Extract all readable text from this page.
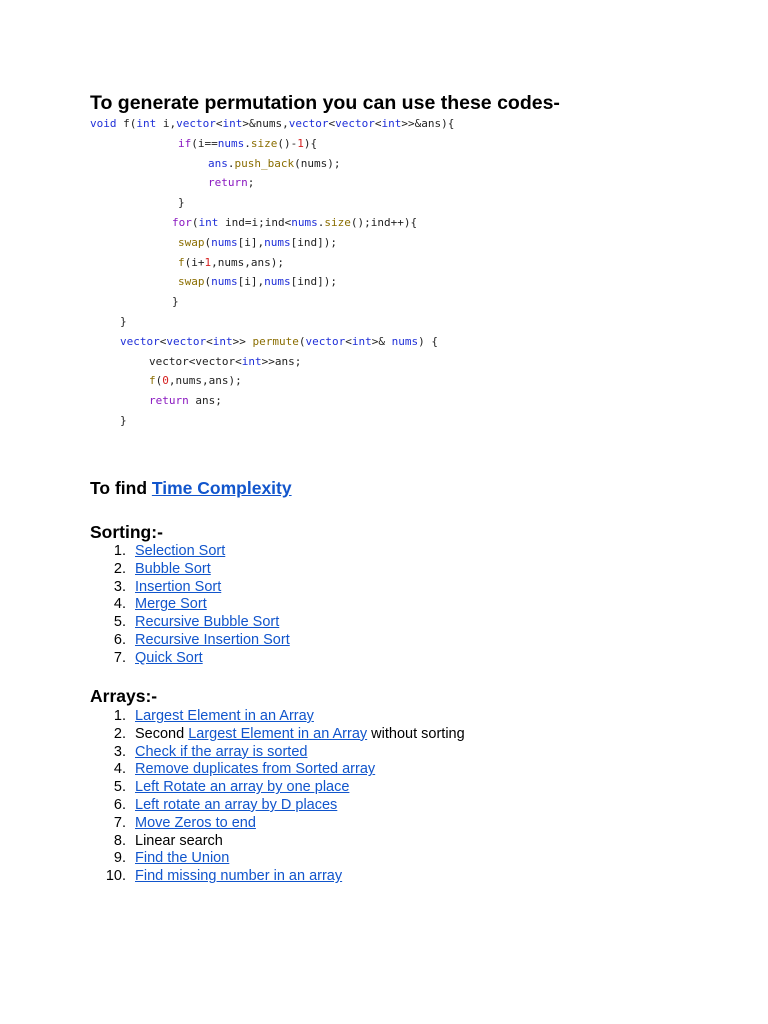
To generate permutation you can use these codes-
void f(int i,vector<int>&nums,vector<vector<int>>&ans){
if(i==nums.size()-1){
ans.push_back(nums);
return;
}
for(int ind=i;ind<nums.size();ind++){
swap(nums[i],nums[ind]);
f(i+1,nums,ans);
swap(nums[i],nums[ind]);
}
}
vector<vector<int>> permute(vector<int>& nums) {
vector<vector<int>>ans;
f(0,nums,ans);
return ans;
}
To find Time Complexity
Sorting:-
1. Selection Sort
2. Bubble Sort
3. Insertion Sort
4. Merge Sort
5. Recursive Bubble Sort
6. Recursive Insertion Sort
7. Quick Sort
Arrays:-
1. Largest Element in an Array
2. Second Largest Element in an Array without sorting
3. Check if the array is sorted
4. Remove duplicates from Sorted array
5. Left Rotate an array by one place
6. Left rotate an array by D places
7. Move Zeros to end
8. Linear search
9. Find the Union
10. Find missing number in an array
